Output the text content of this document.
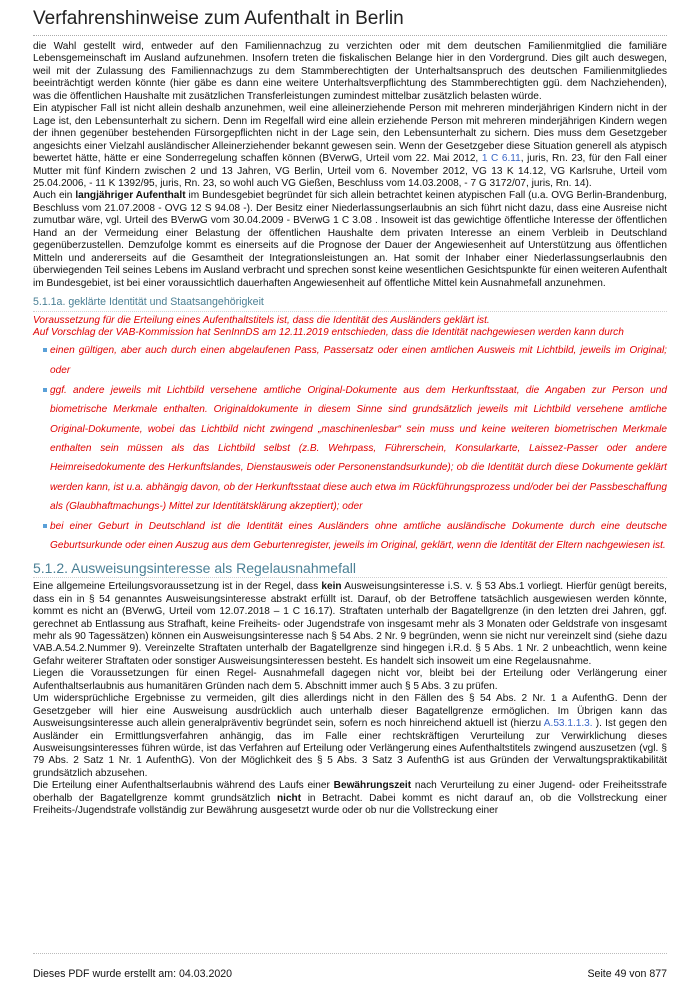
Verfahrenshinweise zum Aufenthalt in Berlin

die Wahl gestellt wird, entweder auf den Familiennachzug zu verzichten oder mit dem deutschen Familienmitglied die familiäre Lebensgemeinschaft im Ausland aufzunehmen. Insofern treten die fiskalischen Belange hier in den Vordergrund. Dies gilt auch deswegen, weil mit der Zulassung des Familiennachzugs zu dem Stammberechtigten der Unterhaltsanspruch des deutschen Familienmitgliedes beeinträchtigt werden könnte (hier gäbe es dann eine weitere Unterhaltsverpflichtung des Stammberechtigten ggü. dem Nachziehenden), was die öffentlichen Haushalte mit zusätzlichen Transferleistungen zumindest mittelbar zusätzlich belasten würde.

Ein atypischer Fall ist nicht allein deshalb anzunehmen, weil eine alleinerziehende Person mit mehreren minderjährigen Kindern nicht in der Lage ist, den Lebensunterhalt zu sichern. Denn im Regelfall wird eine allein erziehende Person mit mehreren minderjährigen Kindern wegen der ihnen gegenüber bestehenden Fürsorgepflichten nicht in der Lage sein, den Lebensunterhalt zu sichern. Dies muss dem Gesetzgeber angesichts einer Vielzahl ausländischer Alleinerziehender bekannt gewesen sein. Wenn der Gesetzgeber diese Situation generell als atypisch bewertet hätte, hätte er eine Sonderregelung schaffen können (BVerwG, Urteil vom 22. Mai 2012, 1 C 6.11, juris, Rn. 23, für den Fall einer Mutter mit fünf Kindern zwischen 2 und 13 Jahren, VG Berlin, Urteil vom 6. November 2012, VG 13 K 14.12, VG Karlsruhe, Urteil vom 25.04.2006, - 11 K 1392/95, juris, Rn. 23, so wohl auch VG Gießen, Beschluss vom 14.03.2008, - 7 G 3172/07, juris, Rn. 14).

Auch ein langjähriger Aufenthalt im Bundesgebiet begründet für sich allein betrachtet keinen atypischen Fall (u.a. OVG Berlin-Brandenburg, Beschluss vom 21.07.2008 - OVG 12 S 94.08 -). Der Besitz einer Niederlassungserlaubnis an sich führt nicht dazu, dass eine Ausreise nicht zumutbar wäre, vgl. Urteil des BVerwG vom 30.04.2009 - BVerwG 1 C 3.08 . Insoweit ist das gewichtige öffentliche Interesse der öffentlichen Hand an der Vermeidung einer Belastung der öffentlichen Haushalte dem privaten Interesse an einem Verbleib in Deutschland gegenüberzustellen. Demzufolge kommt es einerseits auf die Prognose der Dauer der Angewiesenheit auf Unterstützung aus öffentlichen Mitteln und andererseits auf die Gesamtheit der Integrationsleistungen an. Hat somit der Inhaber einer Niederlassungserlaubnis den überwiegenden Teil seines Lebens im Ausland verbracht und sprechen sonst keine wesentlichen Gesichtspunkte für einen weiteren Aufenthalt im Bundesgebiet, ist bei einer voraussichtlich dauerhaften Angewiesenheit auf öffentliche Mittel kein Ausnahmefall anzunehmen.

5.1.1a. geklärte Identität und Staatsangehörigkeit
Voraussetzung für die Erteilung eines Aufenthaltstitels ist, dass die Identität des Ausländers geklärt ist.
Auf Vorschlag der VAB-Kommission hat SenInnDS am 12.11.2019 entschieden, dass die Identität nachgewiesen werden kann durch
einen gültigen, aber auch durch einen abgelaufenen Pass, Passersatz oder einen amtlichen Ausweis mit Lichtbild, jeweils im Original; oder
ggf. andere jeweils mit Lichtbild versehene amtliche Original-Dokumente aus dem Herkunftsstaat, die Angaben zur Person und biometrische Merkmale enthalten. Originaldokumente in diesem Sinne sind grundsätzlich jeweils mit Lichtbild versehene amtliche Original-Dokumente, wobei das Lichtbild nicht zwingend „maschinenlesbar“ sein muss und keine weiteren biometrischen Merkmale enthalten sein müssen als das Lichtbild selbst (z.B. Wehrpass, Führerschein, Konsularkarte, Laissez-Passer oder andere Heimreisedokumente des Herkunftslandes, Dienstausweis oder Personenstandsurkunde); ob die Identität durch diese Dokumente geklärt werden kann, ist u.a. abhängig davon, ob der Herkunftsstaat diese auch etwa im Rückführungsprozess und/oder bei der Passbeschaffung als (Glaubhaftmachungs-) Mittel zur Identitätsklärung akzeptiert); oder
bei einer Geburt in Deutschland ist die Identität eines Ausländers ohne amtliche ausländische Dokumente durch eine deutsche Geburtsurkunde oder einen Auszug aus dem Geburtenregister, jeweils im Original, geklärt, wenn die Identität der Eltern nachgewiesen ist.
5.1.2. Ausweisungsinteresse als Regelausnahmefall

Eine allgemeine Erteilungsvoraussetzung ist in der Regel, dass kein Ausweisungsinteresse i.S. v. § 53 Abs.1 vorliegt. Hierfür genügt bereits, dass ein in § 54 genanntes Ausweisungsinteresse abstrakt erfüllt ist. Darauf, ob der Betroffene tatsächlich ausgewiesen werden könnte, kommt es nicht an (BVerwG, Urteil vom 12.07.2018 – 1 C 16.17). Straftaten unterhalb der Bagatellgrenze (in den letzten drei Jahren, ggf. gerechnet ab Entlassung aus Strafhaft, keine Freiheits- oder Jugendstrafe von insgesamt mehr als 3 Monaten oder Geldstrafe von insgesamt mehr als 90 Tagessätzen) können ein Ausweisungsinteresse nach § 54 Abs. 2 Nr. 9 begründen, wenn sie nicht nur vereinzelt sind (siehe dazu VAB.A.54.2.Nummer 9). Vereinzelte Straftaten unterhalb der Bagatellgrenze sind hingegen i.R.d. § 5 Abs. 1 Nr. 2 unbeachtlich, wenn keine Gefahr weiterer Straftaten oder sonstiger Ausweisungsinteressen besteht. Es handelt sich insoweit um eine Regelausnahme.

Liegen die Voraussetzungen für einen Regel- Ausnahmefall dagegen nicht vor, bleibt bei der Erteilung oder Verlängerung einer Aufenthaltserlaubnis aus humanitären Gründen nach dem 5. Abschnitt immer auch § 5 Abs. 3 zu prüfen.

Um widersprüchliche Ergebnisse zu vermeiden, gilt dies allerdings nicht in den Fällen des § 54 Abs. 2 Nr. 1 a AufenthG. Denn der Gesetzgeber will hier eine Ausweisung ausdrücklich auch unterhalb dieser Bagatellgrenze ermöglichen. Im Übrigen kann das Ausweisungsinteresse auch allein generalpräventiv begründet sein, sofern es noch hinreichend aktuell ist (hierzu A.53.1.1.3. ). Ist gegen den Ausländer ein Ermittlungsverfahren anhängig, das im Falle einer rechtskräftigen Verurteilung zur Verwirklichung dieses Ausweisungsinteresses führen würde, ist das Verfahren auf Erteilung oder Verlängerung eines Aufenthaltstitels zwingend auszusetzen (vgl. § 79 Abs. 2 Satz 1 Nr. 1 AufenthG). Von der Möglichkeit des § 5 Abs. 3 Satz 3 AufenthG ist aus Gründen der Verwaltungspraktikabilität grundsätzlich abzusehen.

Die Erteilung einer Aufenthaltserlaubnis während des Laufs einer Bewährungszeit nach Verurteilung zu einer Jugend- oder Freiheitsstrafe oberhalb der Bagatellgrenze kommt grundsätzlich nicht in Betracht. Dabei kommt es nicht darauf an, ob die Vollstreckung einer Freiheits-/Jugendstrafe vollständig zur Bewährung ausgesetzt wurde oder ob nur die Vollstreckung einer

Dieses PDF wurde erstellt am: 04.03.2020	Seite 49 von 877
